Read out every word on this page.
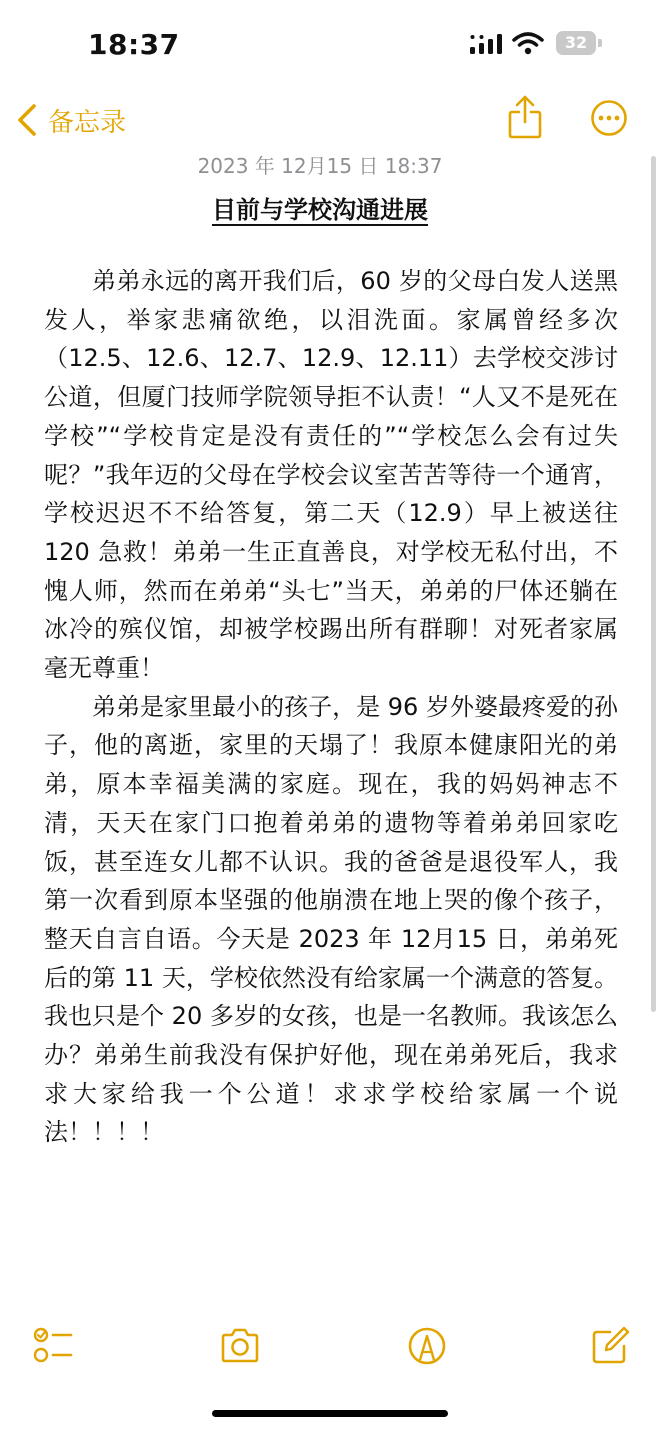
18:37	32
备忘录
2023 年 12月15 日 18:37
目前与学校沟通进展

弟弟永远的离开我们后，60 岁的父母白发人送黑发人，举家悲痛欲绝，以泪洗面。家属曾经多次（12.5、12.6、12.7、12.9、12.11）去学校交涉讨公道，但厦门技师学院领导拒不认责！“人又不是死在学校”“学校肯定是没有责任的”“学校怎么会有过失呢？”我年迈的父母在学校会议室苦苦等待一个通宵，学校迟迟不不给答复，第二天（12.9）早上被送往 120 急救！弟弟一生正直善良，对学校无私付出，不愧人师，然而在弟弟“头七”当天，弟弟的尸体还躺在冰冷的殡仪馆，却被学校踢出所有群聊！对死者家属毫无尊重！

弟弟是家里最小的孩子，是 96 岁外婆最疼爱的孙子，他的离逝，家里的天塌了！我原本健康阳光的弟弟，原本幸福美满的家庭。现在，我的妈妈神志不清，天天在家门口抱着弟弟的遗物等着弟弟回家吃饭，甚至连女儿都不认识。我的爸爸是退役军人，我第一次看到原本坚强的他崩溃在地上哭的像个孩子，整天自言自语。今天是 2023 年 12月15 日，弟弟死后的第 11 天，学校依然没有给家属一个满意的答复。我也只是个 20 多岁的女孩，也是一名教师。我该怎么办？弟弟生前我没有保护好他，现在弟弟死后，我求求大家给我一个公道！求求学校给家属一个说法！！！！
